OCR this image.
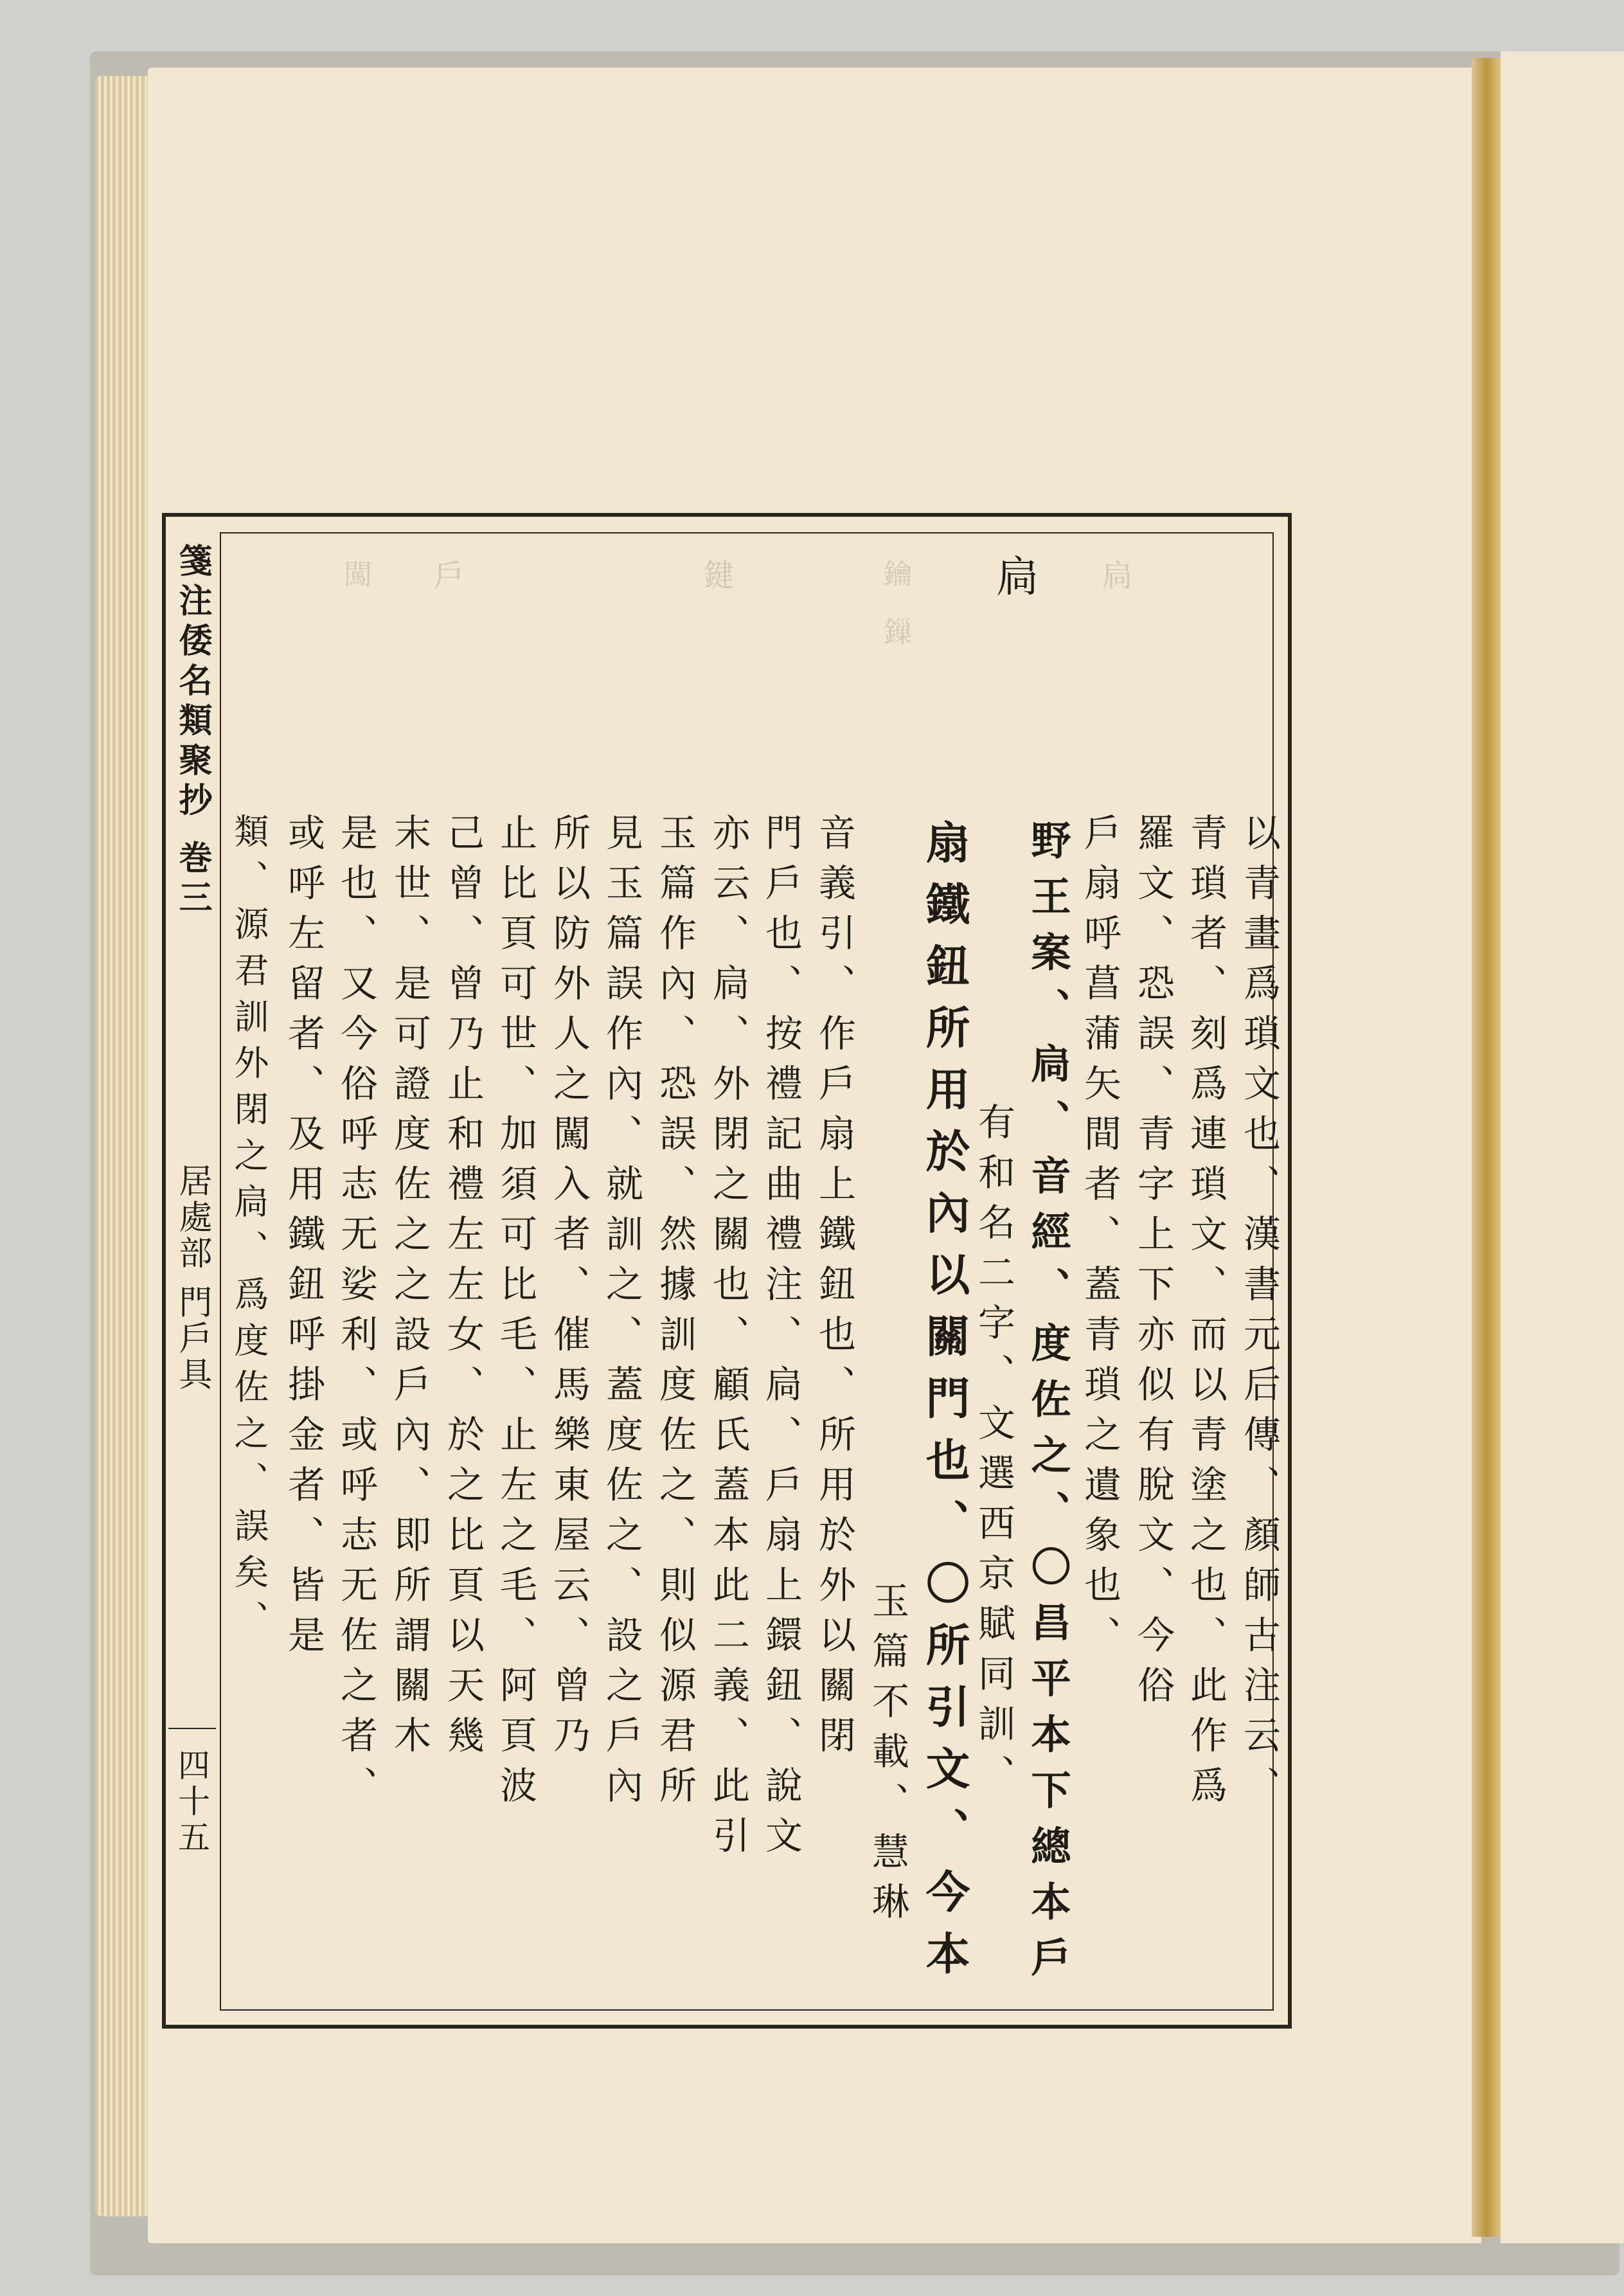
扃
鑰
鏁
鍵
戶
闖
箋注倭名類聚抄 巻三
居處部 門戶具
四十五
扃
以青畫爲瑣文也、漢書元后傳、顏師古注云、
青瑣者、刻爲連瑣文、而以青塗之也、此作爲
羅文、恐誤、青字上下亦似有脫文、今俗
戶扇呼菖蒲矢間者、蓋青瑣之遺象也、
野王案、扃、音經、度佐之、〇昌平本下總本戶
有和名二字、文選西京賦同訓、
扇鐵鈕所用於內以關門也、〇所引文、今本
玉篇不載、慧琳
音義引、作戶扇上鐵鈕也、所用於外以關閉
門戶也、按禮記曲禮注、扃、戶扇上鐶鈕、說文
亦云、扃、外閉之關也、顧氏蓋本此二義、此引
玉篇作內、恐誤、然據訓度佐之、則似源君所
見玉篇誤作內、就訓之、蓋度佐之、設之戶內
所以防外人之闖入者、催馬樂東屋云、曾乃
止比頁可世、加須可比毛、止左之毛、阿頁波
己曾、曾乃止和禮左左女、於之比頁以天幾
末世、是可證度佐之之設戶內、即所謂關木
是也、又今俗呼志无娑利、或呼志无佐之者、
或呼左留者、及用鐵鈕呼掛金者、皆是
類、源君訓外閉之扃、爲度佐之、誤矣、
